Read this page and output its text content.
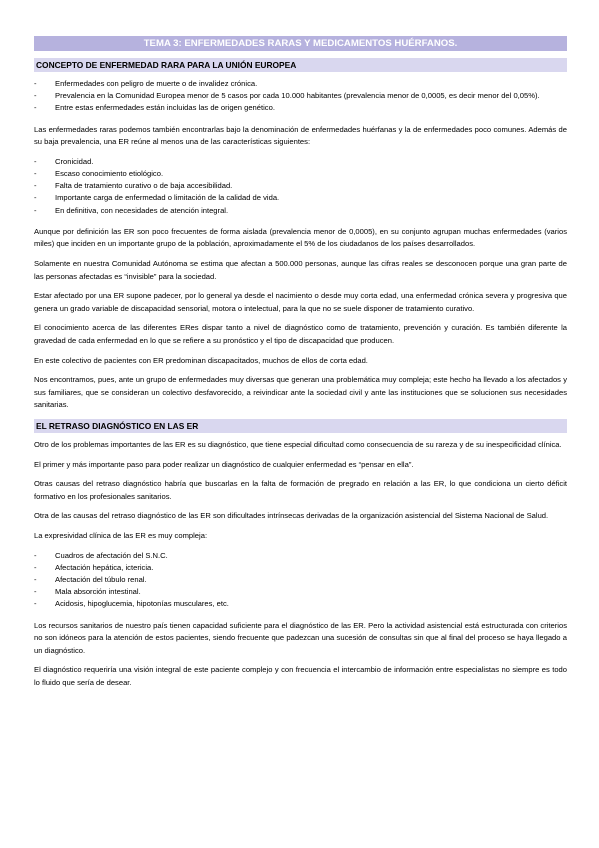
TEMA 3: ENFERMEDADES RARAS Y MEDICAMENTOS HUÉRFANOS.
CONCEPTO DE ENFERMEDAD RARA PARA LA UNIÓN EUROPEA
- Enfermedades con peligro de muerte o de invalidez crónica.
- Prevalencia en la Comunidad Europea menor de 5 casos por cada 10.000 habitantes (prevalencia menor de 0,0005, es decir menor del 0,05%).
- Entre estas enfermedades están incluidas las de origen genético.

Las enfermedades raras podemos también encontrarlas bajo la denominación de enfermedades huérfanas y la de enfermedades poco comunes. Además de su baja prevalencia, una ER reúne al menos una de las características siguientes:

- Cronicidad.
- Escaso conocimiento etiológico.
- Falta de tratamiento curativo o de baja accesibilidad.
- Importante carga de enfermedad o limitación de la calidad de vida.
- En definitiva, con necesidades de atención integral.

Aunque por definición las ER son poco frecuentes de forma aislada (prevalencia menor de 0,0005), en su conjunto agrupan muchas enfermedades (varios miles) que inciden en un importante grupo de la población, aproximadamente el 5% de los ciudadanos de los países desarrollados.

Solamente en nuestra Comunidad Autónoma se estima que afectan a 500.000 personas, aunque las cifras reales se desconocen porque una gran parte de las personas afectadas es “invisible” para la sociedad.

Estar afectado por una ER supone padecer, por lo general ya desde el nacimiento o desde muy corta edad, una enfermedad crónica severa y progresiva que genera un grado variable de discapacidad sensorial, motora o intelectual, para la que no se suele disponer de tratamiento curativo.

El conocimiento acerca de las diferentes ERes dispar tanto a nivel de diagnóstico como de tratamiento, prevención y curación. Es también diferente la gravedad de cada enfermedad en lo que se refiere a su pronóstico y el tipo de discapacidad que producen.

En este colectivo de pacientes con ER predominan discapacitados, muchos de ellos de corta edad.

Nos encontramos, pues, ante un grupo de enfermedades muy diversas que generan una problemática muy compleja; este hecho ha llevado a los afectados y sus familiares, que se consideran un colectivo desfavorecido, a reivindicar ante la sociedad civil y ante las instituciones que se solucionen sus necesidades sanitarias.

EL RETRASO DIAGNÓSTICO EN LAS ER

Otro de los problemas importantes de las ER es su diagnóstico, que tiene especial dificultad como consecuencia de su rareza y de su inespecificidad clínica.

El primer y más importante paso para poder realizar un diagnóstico de cualquier enfermedad es “pensar en ella”.

Otras causas del retraso diagnóstico habría que buscarlas en la falta de formación de pregrado en relación a las ER, lo que condiciona un cierto déficit formativo en los profesionales sanitarios.

Otra de las causas del retraso diagnóstico de las ER son dificultades intrínsecas derivadas de la organización asistencial del Sistema Nacional de Salud.

La expresividad clínica de las ER es muy compleja:

- Cuadros de afectación del S.N.C.
- Afectación hepática, ictericia.
- Afectación del túbulo renal.
- Mala absorción intestinal.
- Acidosis, hipoglucemia, hipotonías musculares, etc.

Los recursos sanitarios de nuestro país tienen capacidad suficiente para el diagnóstico de las ER. Pero la actividad asistencial está estructurada con criterios no son idóneos para la atención de estos pacientes, siendo frecuente que padezcan una sucesión de consultas sin que al final del proceso se haya llegado a un diagnóstico.

El diagnóstico requeriría una visión integral de este paciente complejo y con frecuencia el intercambio de información entre especialistas no siempre es todo lo fluido que sería de desear.
